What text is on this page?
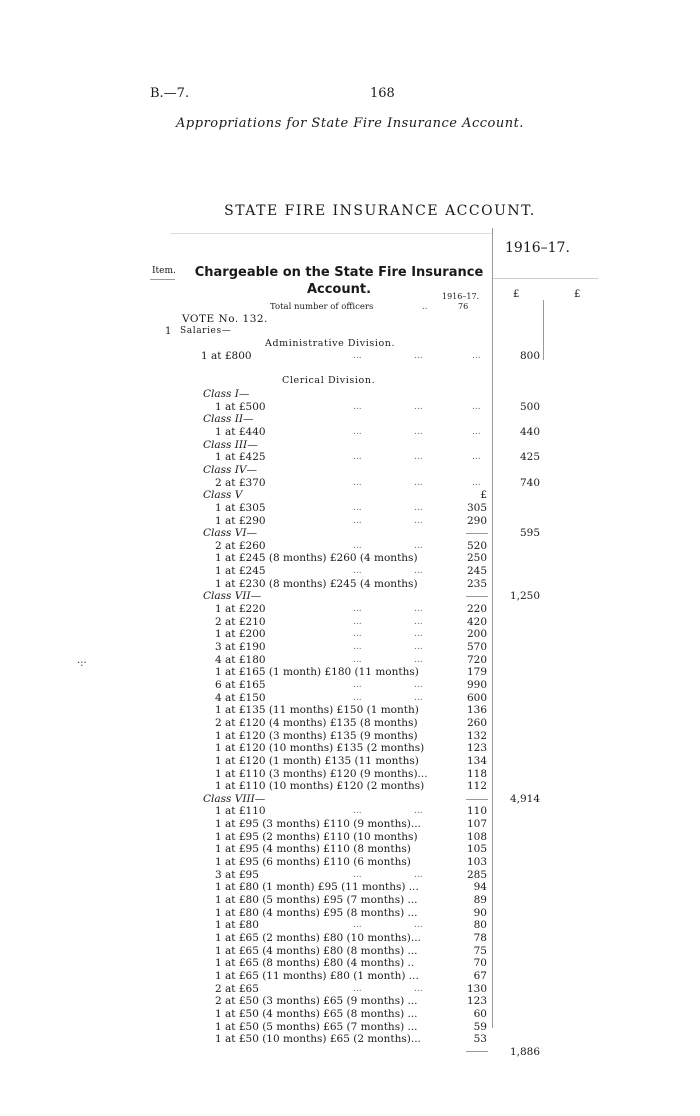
B.—7.	168
Appropriations for State Fire Insurance Account.
STATE FIRE INSURANCE ACCOUNT.
1916–17.
Item.	Chargeable on the State Fire Insurance Account.	£	£
1916–17.
76
Total number of officers                 ..
VOTE No. 132.
1 Salaries—
Administrative Division.
Clerical Division.
1 at £800	...	...	...	800
Class I—
1 at £500	...	...	...	500
Class II—
1 at £440	...	...	...	440
Class III—
1 at £425	...	...	...	425
Class IV—
2 at £370	...	...	...	740
Class V	£
1 at £305	...	...	305
1 at £290	...	...	290
Class VI—	595
2 at £260	...	...	520
1 at £245 (8 months) £260 (4 months)	250
1 at £245	...	...	245
1 at £230 (8 months) £245 (4 months)	235
Class VII—	1,250
1 at £220	...	...	220
2 at £210	...	...	420
1 at £200	...	...	200
3 at £190	...	...	570
4 at £180	...	...	720
1 at £165 (1 month) £180 (11 months)	179
6 at £165	...	...	990
4 at £150	...	...	600
1 at £135 (11 months) £150 (1 month)	136
2 at £120 (4 months) £135 (8 months)	260
1 at £120 (3 months) £135 (9 months)	132
1 at £120 (10 months) £135 (2 months)	123
1 at £120 (1 month) £135 (11 months)	134
1 at £110 (3 months) £120 (9 months)...	118
1 at £110 (10 months) £120 (2 months)	112
Class VIII—	4,914
1 at £110	...	...	110
1 at £95 (3 months) £110 (9 months)...	107
1 at £95 (2 months) £110 (10 months)	108
1 at £95 (4 months) £110 (8 months)	105
1 at £95 (6 months) £110 (6 months)	103
3 at £95	...	...	285
1 at £80 (1 month) £95 (11 months) ...	94
1 at £80 (5 months) £95 (7 months) ...	89
1 at £80 (4 months) £95 (8 months) ...	90
1 at £80	...	...	80
1 at £65 (2 months) £80 (10 months)...	78
1 at £65 (4 months) £80 (8 months) ...	75
1 at £65 (8 months) £80 (4 months) ..	70
1 at £65 (11 months) £80 (1 month) ...	67
2 at £65	...	...	130
2 at £50 (3 months) £65 (9 months) ...	123
1 at £50 (4 months) £65 (8 months) ...	60
1 at £50 (5 months) £65 (7 months) ...	59
1 at £50 (10 months) £65 (2 months)...	53
1,886
·:·
